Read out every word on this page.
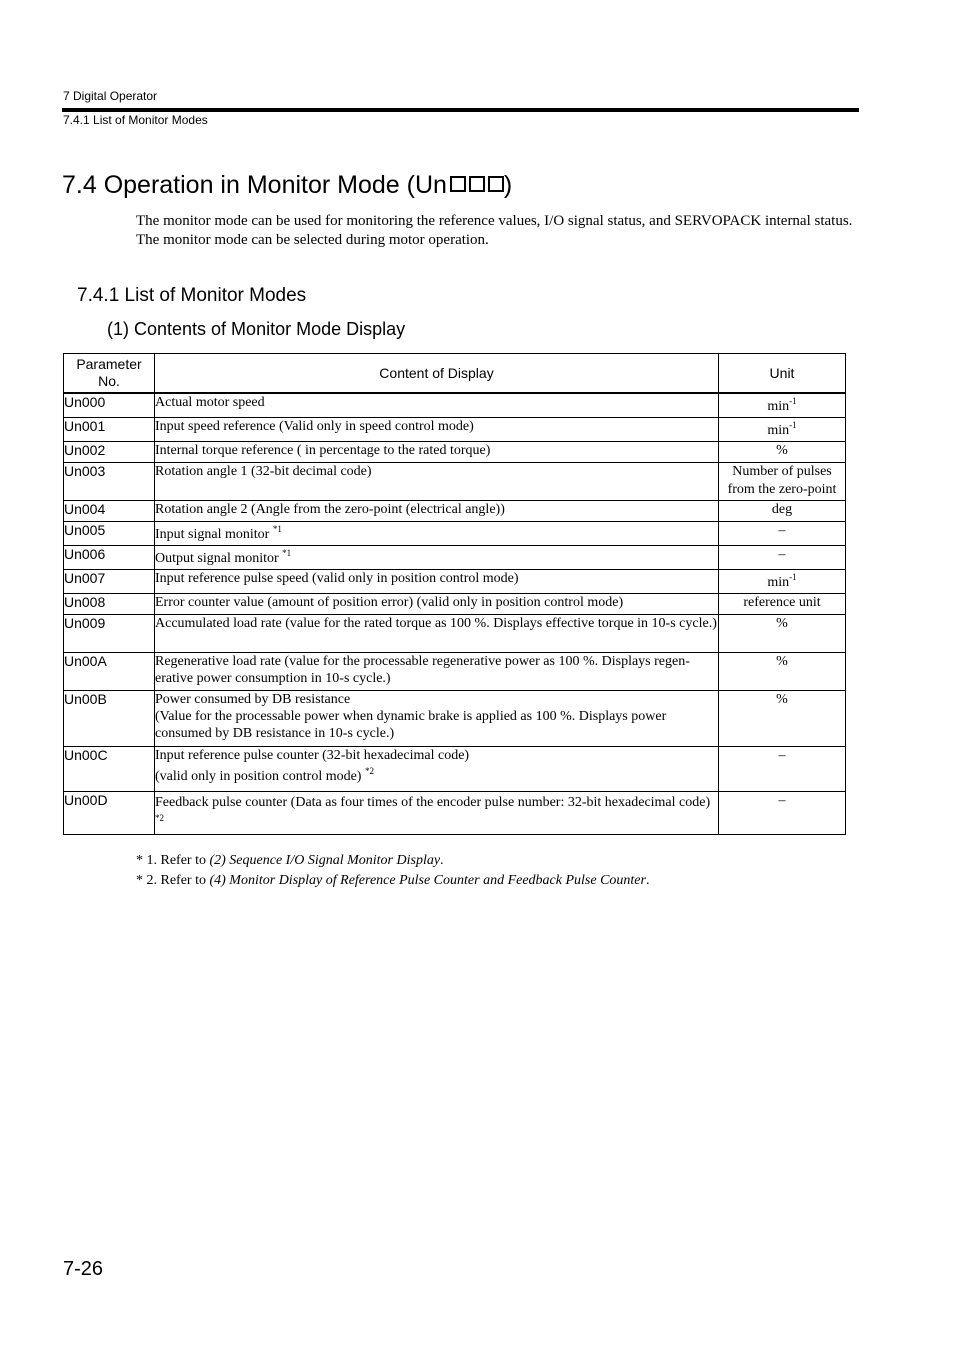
7 Digital Operator
7.4.1 List of Monitor Modes
7.4 Operation in Monitor Mode (Un )

The monitor mode can be used for monitoring the reference values, I/O signal status, and SERVOPACK internal status.

The monitor mode can be selected during motor operation.

7.4.1 List of Monitor Modes
(1) Contents of Monitor Mode Display
Parameter No.	Content of Display	Unit
Un000	Actual motor speed	$\min^{-1}$
Un001	Input speed reference (Valid only in speed control mode)	$\min^{-1}$
Un002	Internal torque reference ( in percentage to the rated torque)	%
Un003	Rotation angle 1 (32-bit decimal code)	Number of pulses from the zero-point
Un004	Rotation angle 2 (Angle from the zero-point (electrical angle))	deg
Un005	Input signal monitor $^{*1}$	–
Un006	Output signal monitor $^{*1}$	–
Un007	Input reference pulse speed (valid only in position control mode)	$\min^{-1}$
Un008	Error counter value (amount of position error) (valid only in position control mode)	reference unit
Un009	Accumulated load rate (value for the rated torque as 100 %. Displays effective torque in 10-s cycle.)	%
Un00A	Regenerative load rate (value for the processable regenerative power as 100 %. Displays regen-erative power consumption in 10-s cycle.)	%
Un00B	Power consumed by DB resistance
(Value for the processable power when dynamic brake is applied as 100 %. Displays power consumed by DB resistance in 10-s cycle.)	%
Un00C	Input reference pulse counter (32-bit hexadecimal code)
(valid only in position control mode) $^{*2}$	–
Un00D	Feedback pulse counter (Data as four times of the encoder pulse number: 32-bit hexadecimal code) $^{*2}$	–
* 1. Refer to (2) Sequence I/O Signal Monitor Display.
* 2. Refer to (4) Monitor Display of Reference Pulse Counter and Feedback Pulse Counter.
7-26
